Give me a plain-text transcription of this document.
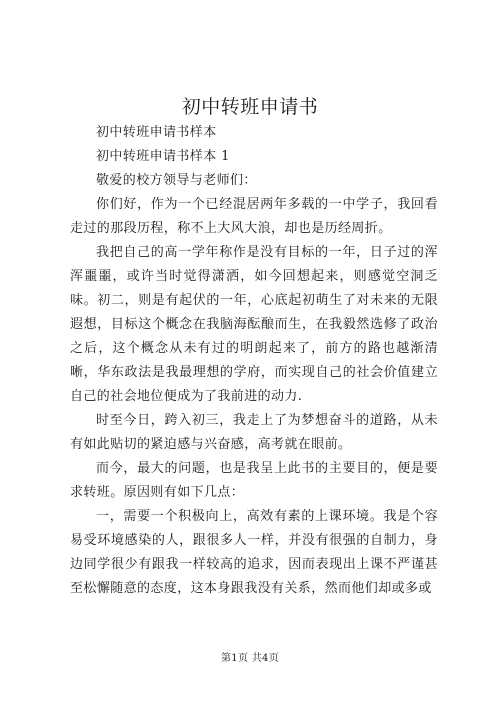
初中转班申请书

初中转班申请书样本

初中转班申请书样本 1

敬爱的校方领导与老师们：

你们好，作为一个已经混居两年多载的一中学子，我回看走过的那段历程，称不上大风大浪，却也是历经周折。

我把自己的高一学年称作是没有目标的一年，日子过的浑浑噩噩，或许当时觉得潇洒，如今回想起来，则感觉空洞乏味。初二，则是有起伏的一年，心底起初萌生了对未来的无限遐想，目标这个概念在我脑海酝酿而生，在我毅然选修了政治之后，这个概念从未有过的明朗起来了，前方的路也越渐清晰，华东政法是我最理想的学府，而实现自己的社会价值建立自己的社会地位便成为了我前进的动力.

时至今日，跨入初三，我走上了为梦想奋斗的道路，从未有如此贴切的紧迫感与兴奋感，高考就在眼前。

而今，最大的问题，也是我呈上此书的主要目的，便是要求转班。原因则有如下几点：

一，需要一个积极向上，高效有素的上课环境。我是个容易受环境感染的人，跟很多人一样，并没有很强的自制力，身边同学很少有跟我一样较高的追求，因而表现出上课不严谨甚至松懈随意的态度，这本身跟我没有关系，然而他们却或多或

第1页 共4页
